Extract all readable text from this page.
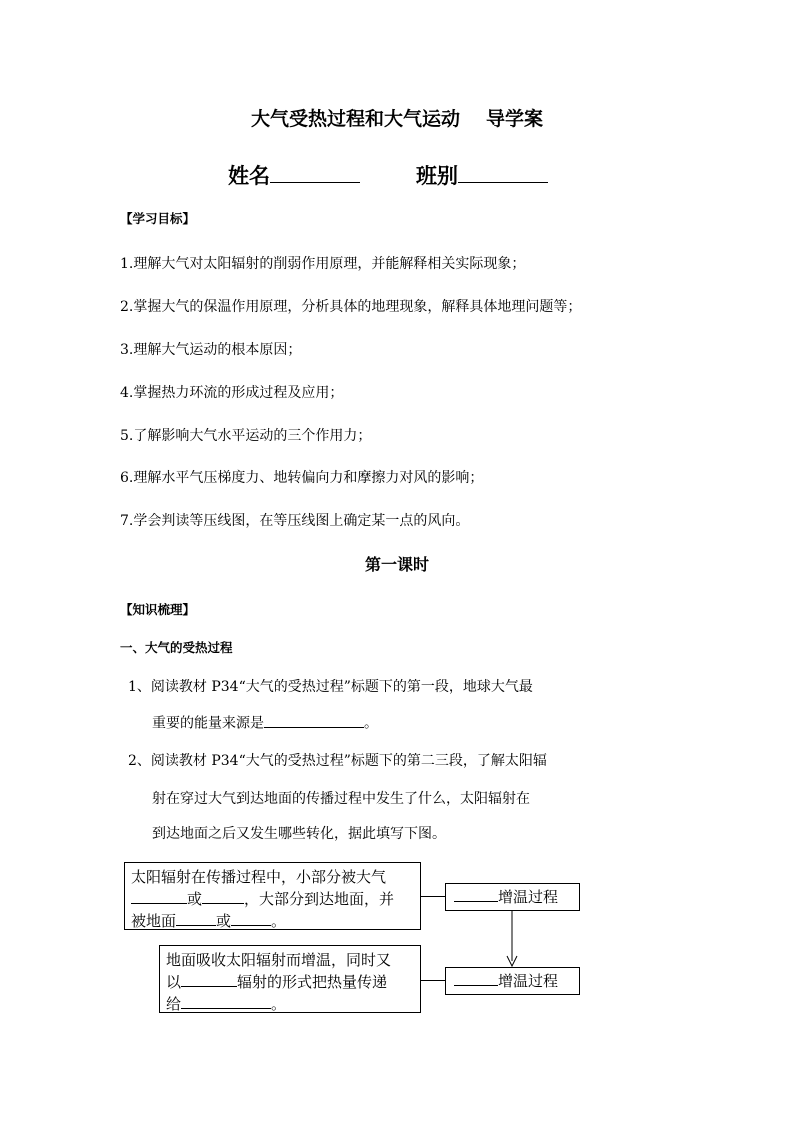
大气受热过程和大气运动 导学案
姓名	班别
【学习目标】
1.理解大气对太阳辐射的削弱作用原理，并能解释相关实际现象；
2.掌握大气的保温作用原理，分析具体的地理现象，解释具体地理问题等；
3.理解大气运动的根本原因；
4.掌握热力环流的形成过程及应用；
5.了解影响大气水平运动的三个作用力；
6.理解水平气压梯度力、地转偏向力和摩擦力对风的影响；
7.学会判读等压线图，在等压线图上确定某一点的风向。
第一课时
【知识梳理】
一、大气的受热过程
1、阅读教材 P34“大气的受热过程”标题下的第一段，地球大气最
重要的能量来源是	。
2、阅读教材 P34“大气的受热过程”标题下的第二三段，了解太阳辐
射在穿过大气到达地面的传播过程中发生了什么，太阳辐射在
到达地面之后又发生哪些转化，据此填写下图。
太阳辐射在传播过程中，小部分被大气
或	，大部分到达地面，并
被地面	或	。
地面吸收太阳辐射而增温，同时又
以	辐射的形式把热量传递
给	。
增温过程
增温过程
